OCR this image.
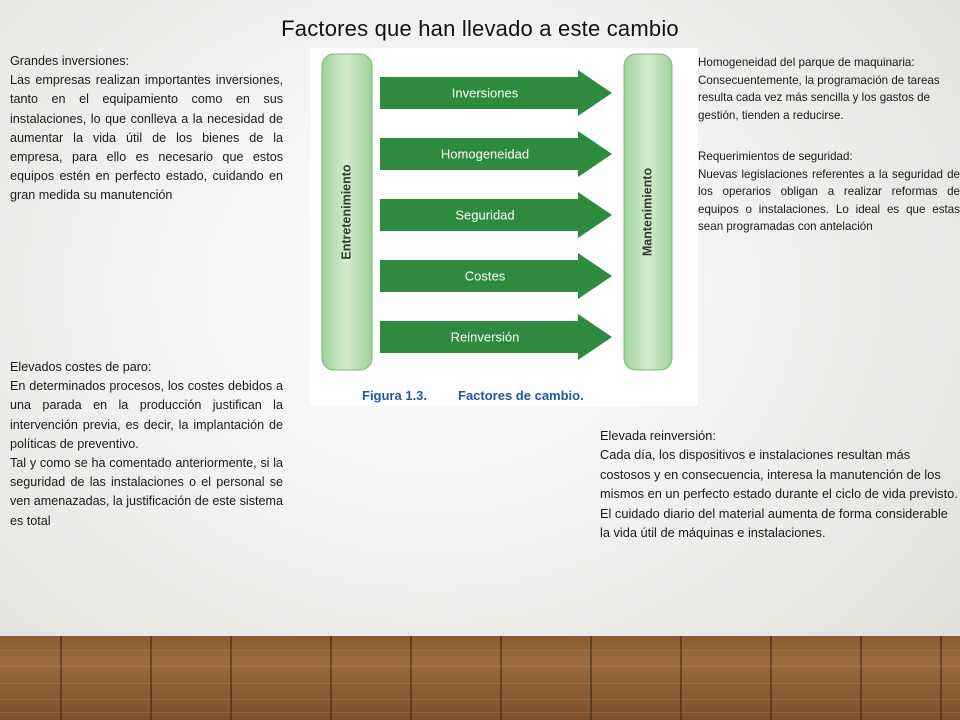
Factores que han llevado a este cambio

Grandes inversiones:

Las empresas realizan importantes inversiones, tanto en el equipamiento como en sus instalaciones, lo que conlleva a la necesidad de aumentar la vida útil de los bienes de la empresa, para ello es necesario que estos equipos estén en perfecto estado, cuidando en gran medida su manutención

Elevados costes de paro:

En determinados procesos, los costes debidos a una parada en la producción justifican la intervención previa, es decir, la implantación de políticas de preventivo.

Tal y como se ha comentado anteriormente, si la seguridad de las instalaciones o el personal se ven amenazadas, la justificación de este sistema es total

Homogeneidad del parque de maquinaria:

Consecuentemente, la programación de tareas resulta cada vez más sencilla y los gastos de gestión, tienden a reducirse.

Requerimientos de seguridad:

Nuevas legislaciones referentes a la seguridad de los operarios obligan a realizar reformas de equipos o instalaciones. Lo ideal es que estas sean programadas con antelación

Elevada reinversión:

Cada día, los dispositivos e instalaciones resultan más costosos y en consecuencia, interesa la manutención de los mismos en un perfecto estado durante el ciclo de vida previsto. El cuidado diario del material aumenta de forma considerable la vida útil de máquinas e instalaciones.

Entretenimiento	Mantenimiento
Inversiones
Homogeneidad
Seguridad
Costes
Reinversión
Figura 1.3. Factores de cambio.
